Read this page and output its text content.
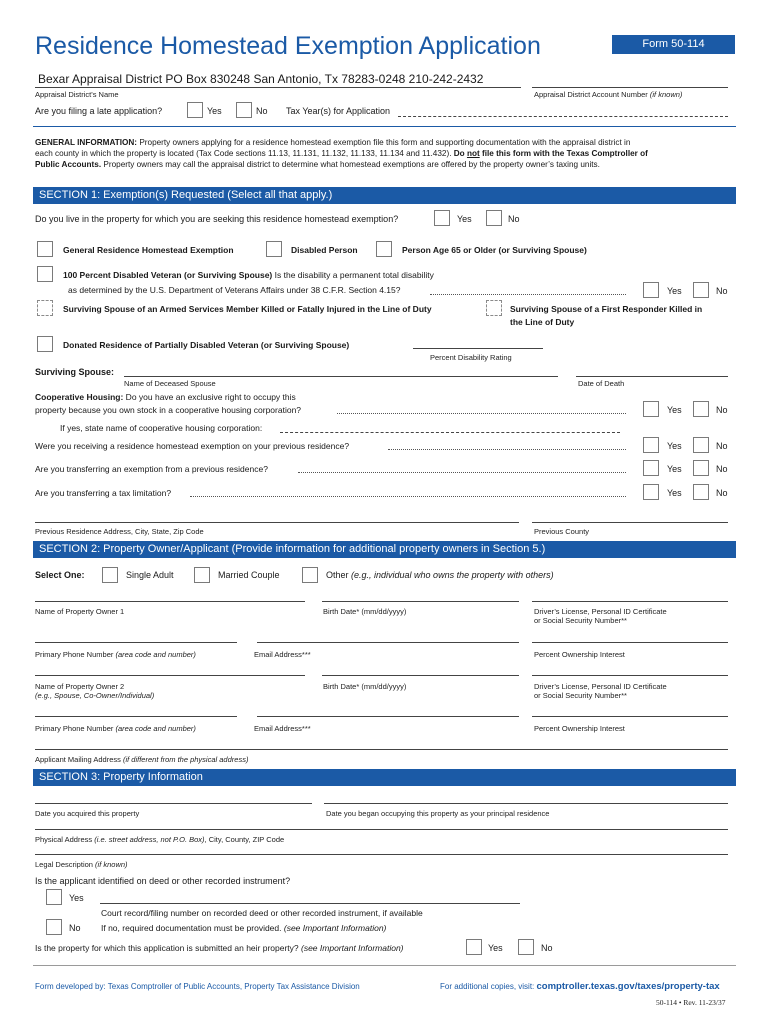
Residence Homestead Exemption Application	Form 50-114
Bexar Appraisal District PO Box 830248 San Antonio, Tx 78283-0248 210-242-2432
Appraisal District's Name	Appraisal District Account Number (if known)
Are you filing a late application?	Yes	No Tax Year(s) for Application
GENERAL INFORMATION: Property owners applying for a residence homestead exemption file this form and supporting documentation with the appraisal district in
each county in which the property is located (Tax Code sections 11.13, 11.131, 11.132, 11.133, 11.134 and 11.432). Do not file this form with the Texas Comptroller of
Public Accounts. Property owners may call the appraisal district to determine what homestead exemptions are offered by the property owner’s taxing units.
SECTION 1: Exemption(s) Requested (Select all that apply.)
Do you live in the property for which you are seeking this residence homestead exemption?	Yes	No
General Residence Homestead Exemption	Disabled Person	Person Age 65 or Older (or Surviving Spouse)
100 Percent Disabled Veteran (or Surviving Spouse) Is the disability a permanent total disability
as determined by the U.S. Department of Veterans Affairs under 38 C.F.R. Section 4.15?	Yes	No
Surviving Spouse of an Armed Services Member Killed or Fatally Injured in the Line of Duty	Surviving Spouse of a First Responder Killed in
the Line of Duty
Donated Residence of Partially Disabled Veteran (or Surviving Spouse)
Percent Disability Rating
Surviving Spouse:
Name of Deceased Spouse	Date of Death
Cooperative Housing: Do you have an exclusive right to occupy this
property because you own stock in a cooperative housing corporation?	Yes	No
If yes, state name of cooperative housing corporation:
Were you receiving a residence homestead exemption on your previous residence?	Yes	No
Are you transferring an exemption from a previous residence?	Yes	No
Are you transferring a tax limitation?	Yes	No
Previous Residence Address, City, State, Zip Code	Previous County
SECTION 2: Property Owner/Applicant (Provide information for additional property owners in Section 5.)
Select One:	Single Adult	Married Couple	Other (e.g., individual who owns the property with others)
Name of Property Owner 1	Birth Date* (mm/dd/yyyy)	Driver’s License, Personal ID Certificate
or Social Security Number**
Primary Phone Number (area code and number)	Email Address***	Percent Ownership Interest
Name of Property Owner 2
(e.g., Spouse, Co-Owner/Individual)
Birth Date* (mm/dd/yyyy)	Driver’s License, Personal ID Certificate
or Social Security Number**
Primary Phone Number (area code and number)	Email Address***	Percent Ownership Interest
Applicant Mailing Address (if different from the physical address)
SECTION 3: Property Information
Date you acquired this property	Date you began occupying this property as your principal residence
Physical Address (i.e. street address, not P.O. Box), City, County, ZIP Code
Legal Description (if known)
Is the applicant identified on deed or other recorded instrument?
Yes
Court record/filing number on recorded deed or other recorded instrument, if available
No If no, required documentation must be provided. (see Important Information)
Is the property for which this application is submitted an heir property? (see Important Information)	Yes	No
Form developed by: Texas Comptroller of Public Accounts, Property Tax Assistance Division	For additional copies, visit: comptroller.texas.gov/taxes/property-tax
50-114 • Rev. 11-23/37
